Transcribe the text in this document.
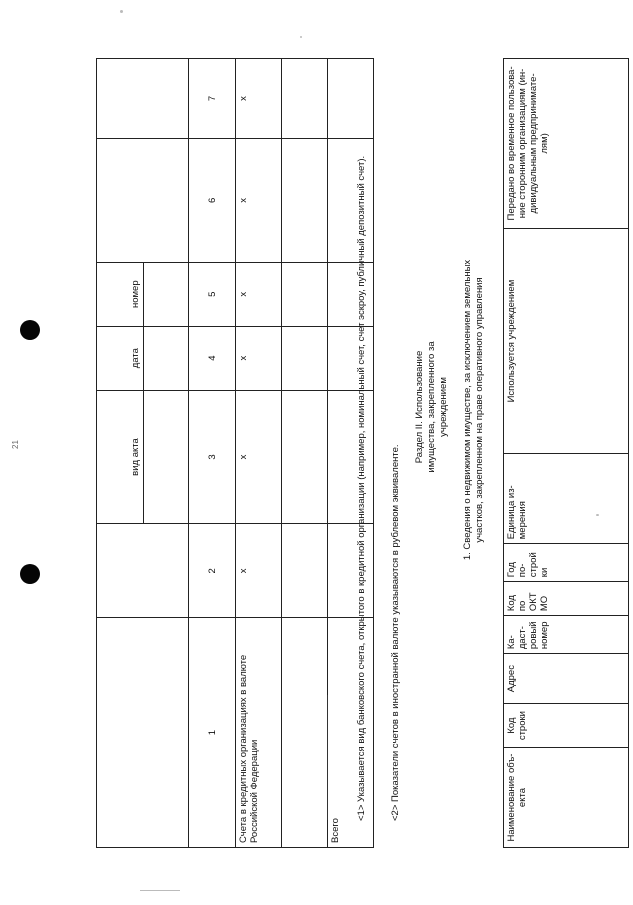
21
			вид акта	дата	номер		

1	2	3	4	5	6	7
Счета в кредитных организациях в валюте Российской Федерации	х	х	х	х	х	х

Всего						
<1> Указывается вид банковского счета, открытого в кредитной организации (например, номинальный счет, счет эскроу, публичный депозитный счет). <2> Показатели счетов в иностранной валюте указываются в рублевом эквиваленте.
Раздел II. Использование имущества, закрепленного за учреждением 1. Сведения о недвижимом имуществе, за исключением земельных участков, закрепленном на праве оперативного управления
Наименование объ- екта	Код строки	Адрес	Ка- даст- ровый номер	Код по ОКТ МО	Год по- строй ки	Единица из- мерения	Используется учреждением	Передано во временное пользова- ние сторонним организациям (ин- дивидуальным предпринимате- лям)
